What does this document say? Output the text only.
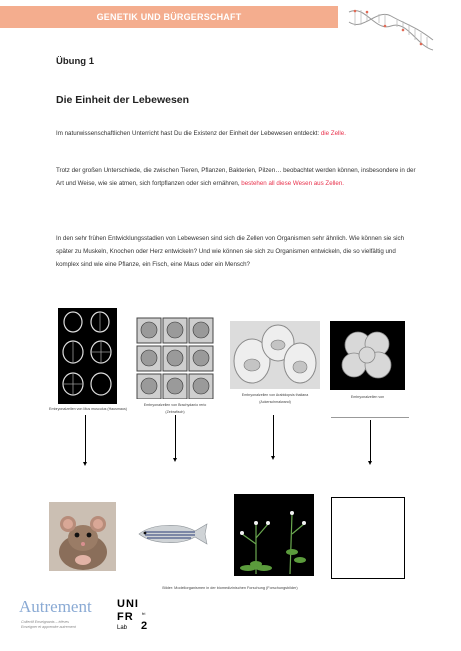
GENETIK UND BÜRGERSCHAFT
Übung 1
Die Einheit der Lebewesen
Im naturwissenschaftlichen Unterricht hast Du die Existenz der Einheit der Lebewesen entdeckt: die Zelle.
Trotz der großen Unterschiede, die zwischen Tieren, Pflanzen, Bakterien, Pilzen… beobachtet werden können, insbesondere in der Art und Weise, wie sie atmen, sich fortpflanzen oder sich ernähren, bestehen all diese Wesen aus Zellen.
In den sehr frühen Entwicklungsstadien von Lebewesen sind sich die Zellen von Organismen sehr ähnlich. Wie können sie sich später zu Muskeln, Knochen oder Herz entwickeln? Und wie können sie sich zu Organismen entwickeln, die so vielfältig und komplex sind wie eine Pflanze, ein Fisch, eine Maus oder ein Mensch?
Embryonalzellen von Mus musculus (Hausmaus)
Embryonalzellen von Brachydanio rerio (Zebrafisch)
Embryonalzellen von Arabidopsis thaliana (Ackerschmalwand)
Embryonalzellen von
Bilder: Modellorganismen in der biomedizinischen Forschung (Forschungsbilder)
Autrement
Collectif Enseignants – élèves
Enseigner et apprendre autrement
UNI
FR fri
Lab 2
